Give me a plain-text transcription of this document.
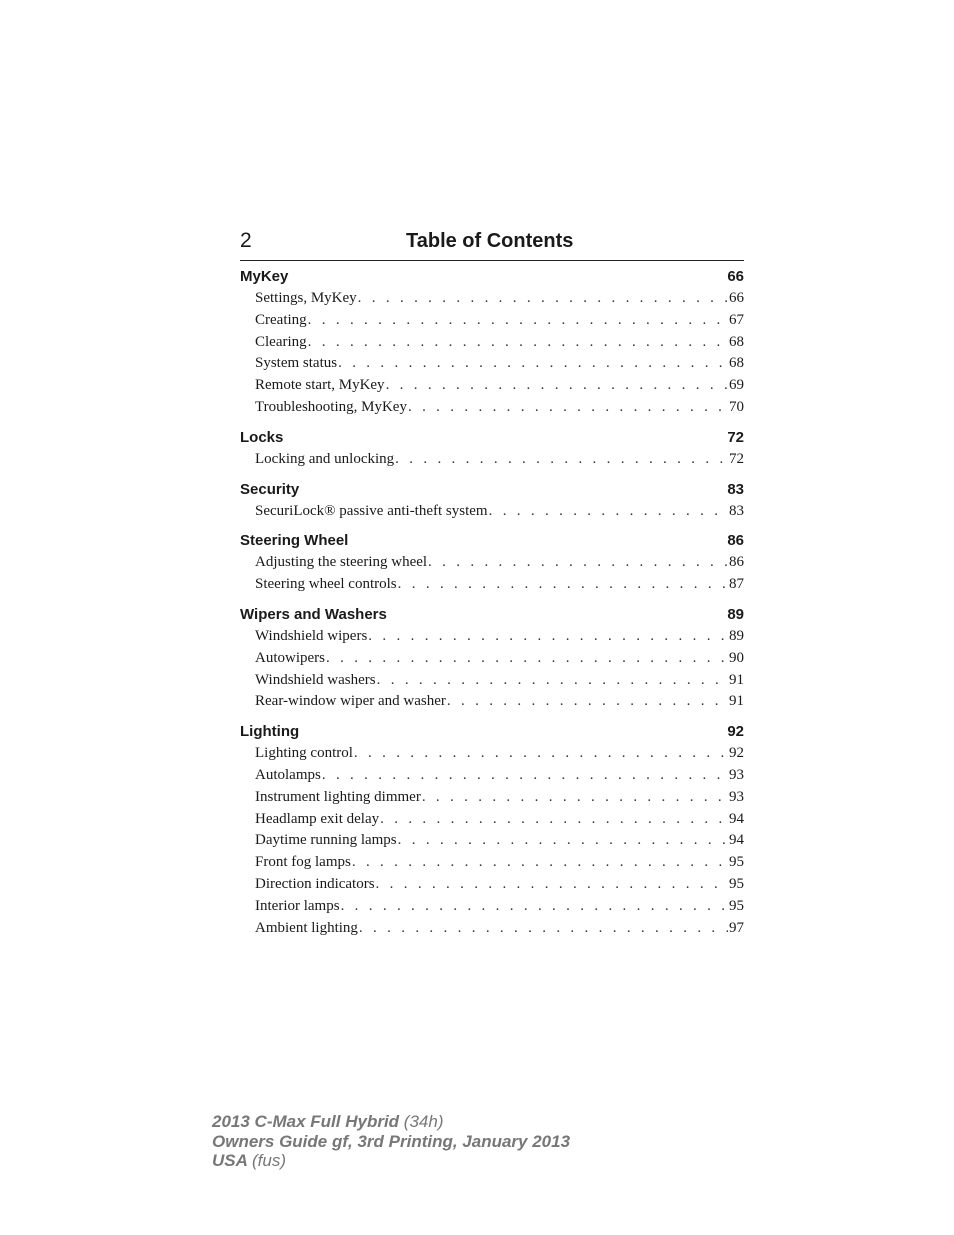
2	Table of Contents
MyKey	66
Settings, MyKey . . .	66
Creating . . .	67
Clearing . . .	68
System status . . .	68
Remote start, MyKey . . .	69
Troubleshooting, MyKey . . .	70
Locks	72
Locking and unlocking . . .	72
Security	83
SecuriLock® passive anti-theft system . . .	83
Steering Wheel	86
Adjusting the steering wheel . . .	86
Steering wheel controls . . .	87
Wipers and Washers	89
Windshield wipers . . .	89
Autowipers . . .	90
Windshield washers . . .	91
Rear-window wiper and washer . . .	91
Lighting	92
Lighting control . . .	92
Autolamps . . .	93
Instrument lighting dimmer . . .	93
Headlamp exit delay . . .	94
Daytime running lamps . . .	94
Front fog lamps . . .	95
Direction indicators . . .	95
Interior lamps . . .	95
Ambient lighting . . .	97
2013 C-Max Full Hybrid (34h)
Owners Guide gf, 3rd Printing, January 2013
USA (fus)
